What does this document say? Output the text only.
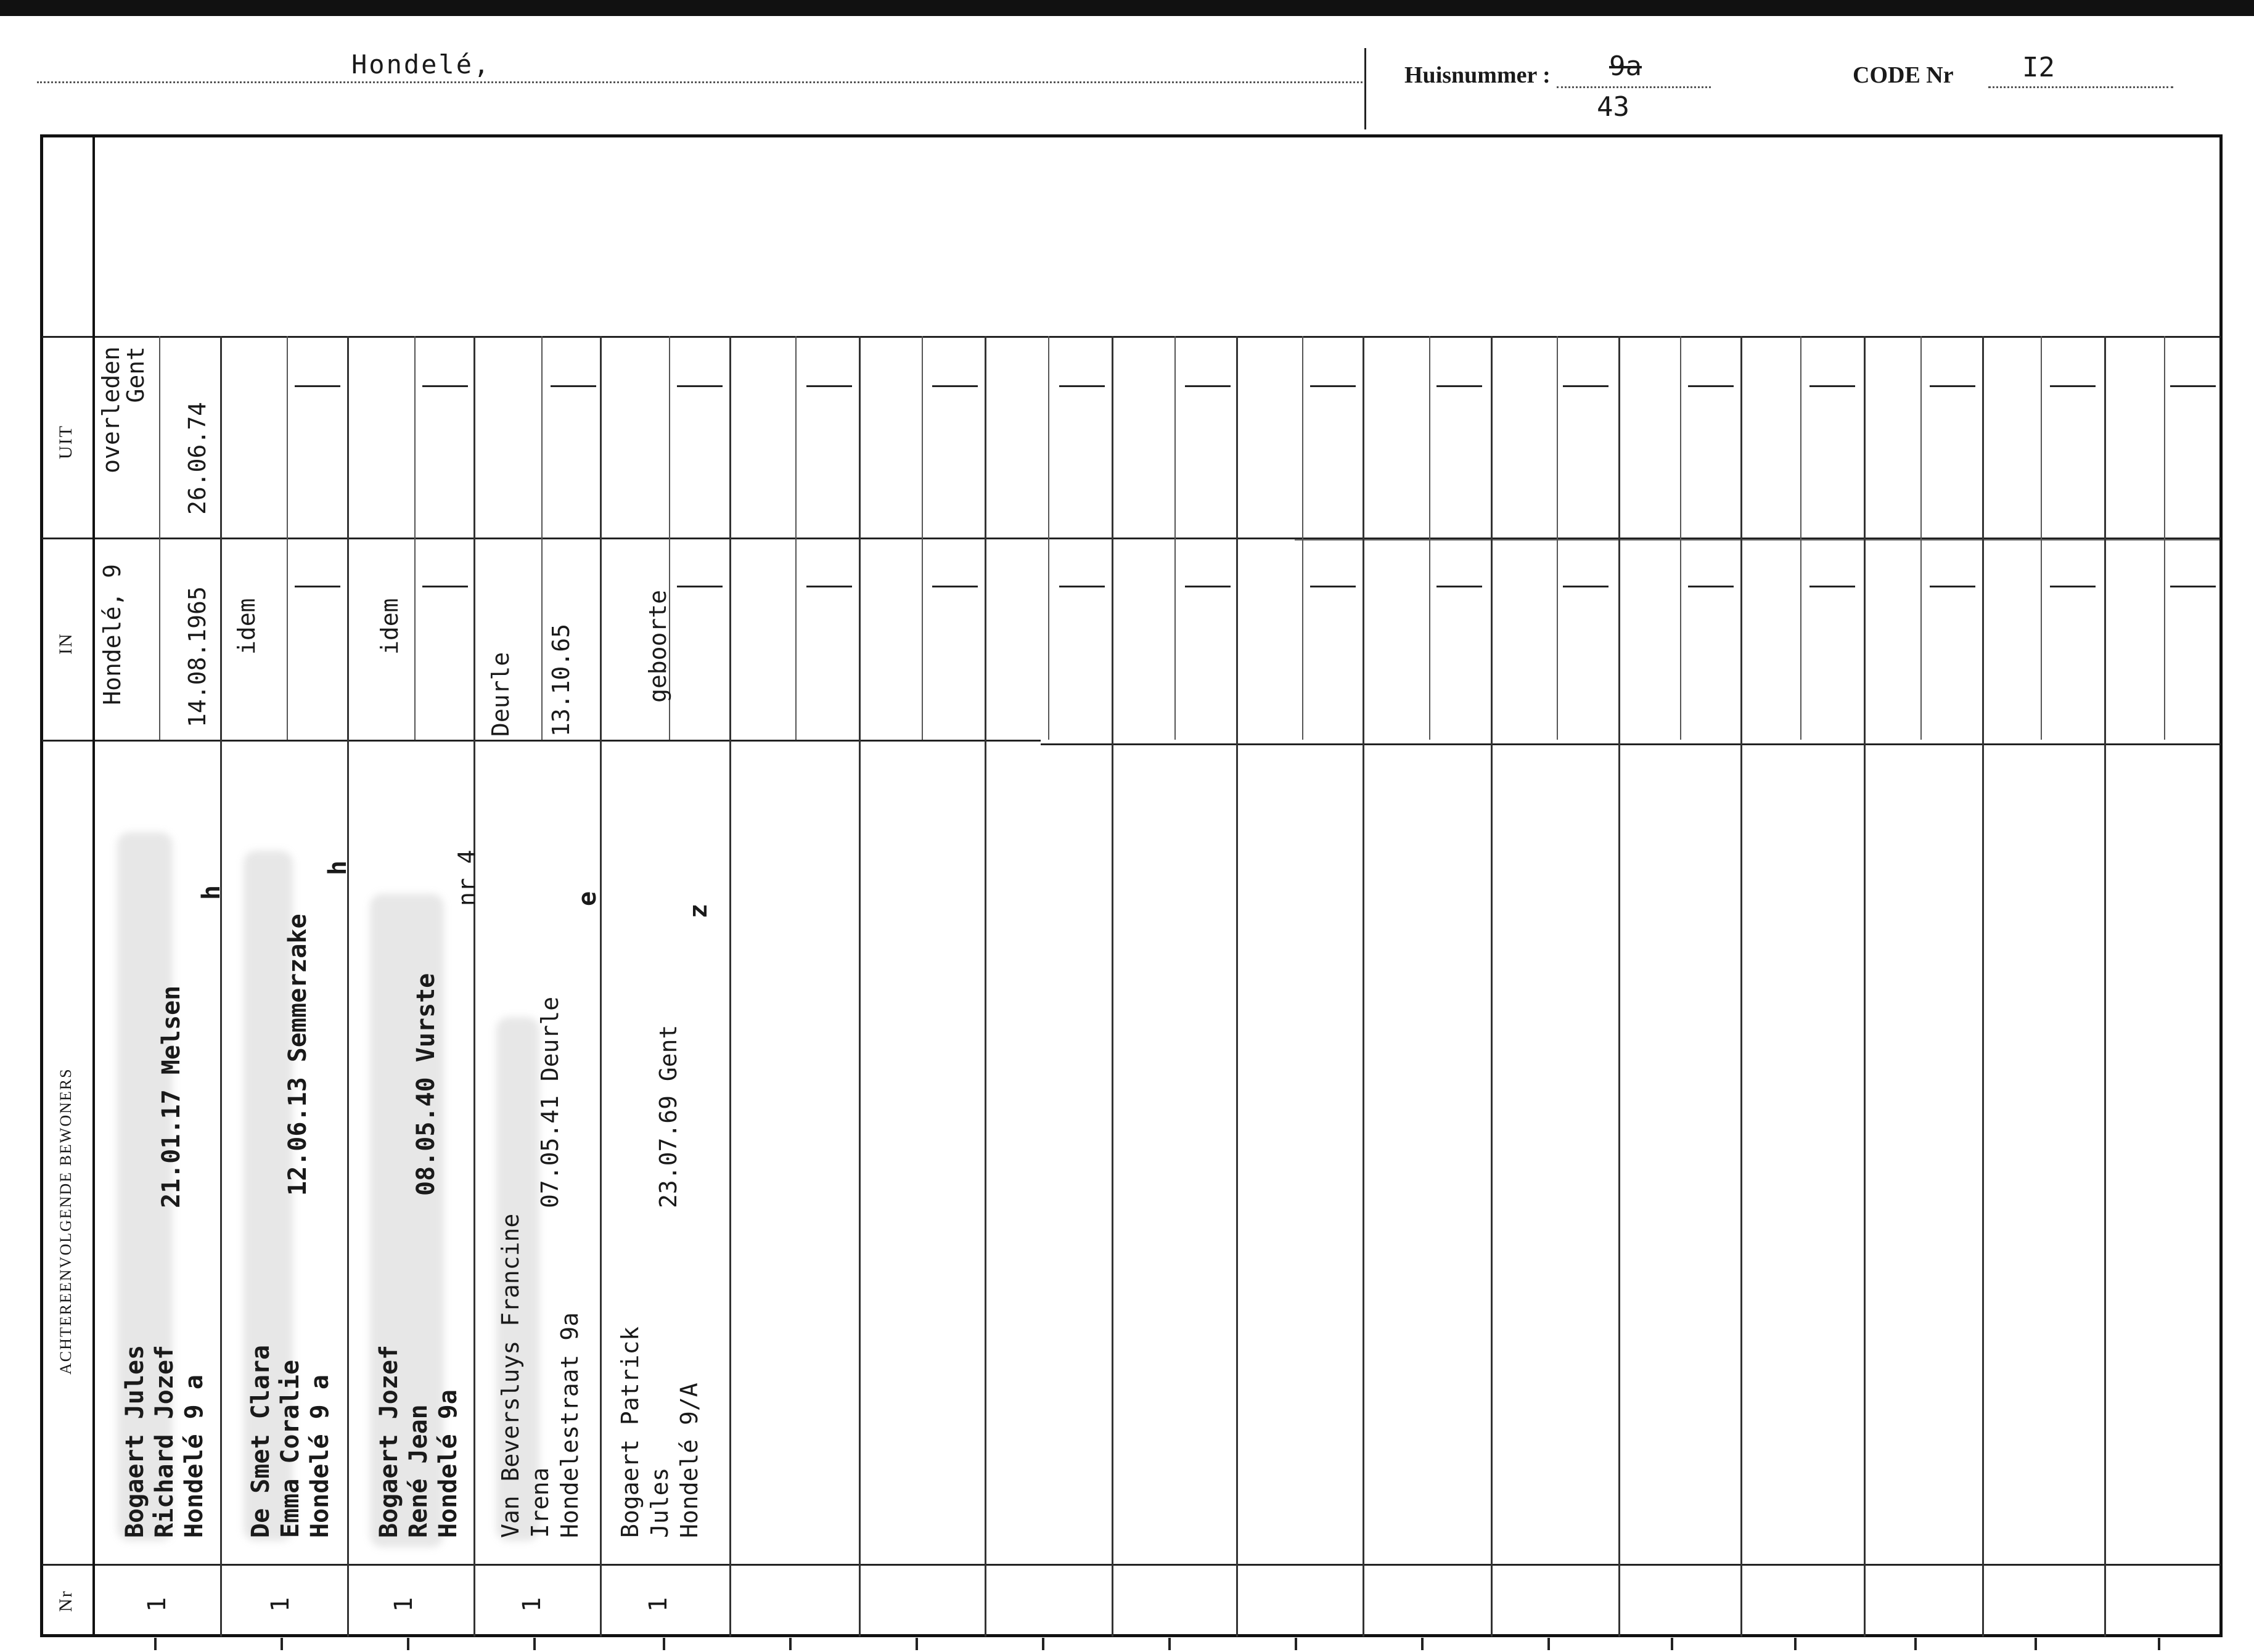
Hondelé,	Huisnummer : 9a
43
CODE Nr	I2
UIT
IN
ACHTEREENVOLGENDE BEWONERS
Nr
overleden Gent
26.06.74
Hondelé, 9 14.08.1965
Bogaert Jules Richard Jozef Hondelé 9 a
21.01.17 Melsen
h
1
idem
De Smet Clara Emma Coralie Hondelé 9 a
12.06.13 Semmerzake
h
1
idem
Bogaert Jozef René Jean Hondelé 9a
08.05.40 Vurste
nr 4
1
Deurle 13.10.65
Van Beversluys Francine Irena Hondelestraat 9a
07.05.41 Deurle
e
1
geboorte
Bogaert Patrick Jules Hondelé 9/A
23.07.69 Gent
z
1
